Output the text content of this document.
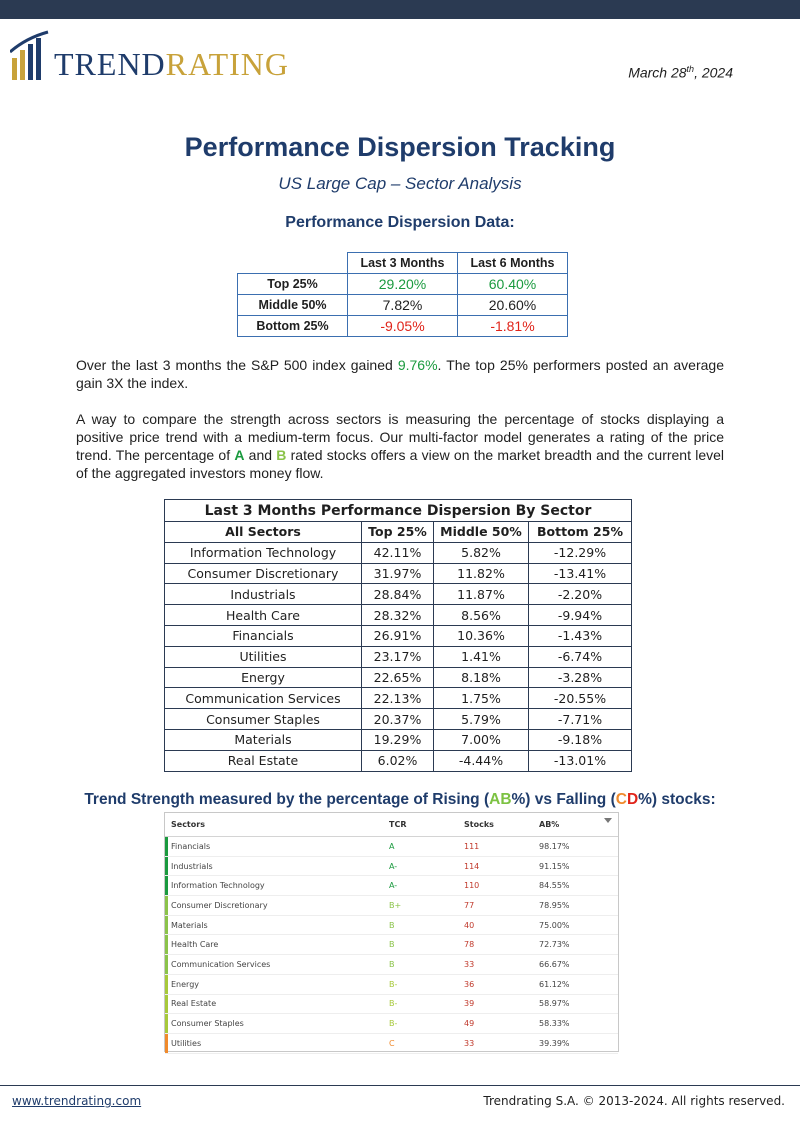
TRENDRATING	March 28th, 2024
Performance Dispersion Tracking
US Large Cap – Sector Analysis
Performance Dispersion Data:
	Last 3 Months	Last 6 Months
Top 25%	29.20%	60.40%
Middle 50%	7.82%	20.60%
Bottom 25%	-9.05%	-1.81%

Over the last 3 months the S&P 500 index gained 9.76%. The top 25% performers posted an average gain 3X the index.

A way to compare the strength across sectors is measuring the percentage of stocks displaying a positive price trend with a medium-term focus. Our multi-factor model generates a rating of the price trend. The percentage of A and B rated stocks offers a view on the market breadth and the current level of the aggregated investors money flow.

Last 3 Months Performance Dispersion By Sector			
All Sectors	Top 25%	Middle 50%	Bottom 25%
Information Technology	42.11%	5.82%	-12.29%
Consumer Discretionary	31.97%	11.82%	-13.41%
Industrials	28.84%	11.87%	-2.20%
Health Care	28.32%	8.56%	-9.94%
Financials	26.91%	10.36%	-1.43%
Utilities	23.17%	1.41%	-6.74%
Energy	22.65%	8.18%	-3.28%
Communication Services	22.13%	1.75%	-20.55%
Consumer Staples	20.37%	5.79%	-7.71%
Materials	19.29%	7.00%	-9.18%
Real Estate	6.02%	-4.44%	-13.01%
Trend Strength measured by the percentage of Rising (AB%) vs Falling (CD%) stocks:
Sectors	TCR	Stocks	AB%
Financials	A	111	98.17%
Industrials	A-	114	91.15%
Information Technology	A-	110	84.55%
Consumer Discretionary	B+	77	78.95%
Materials	B	40	75.00%
Health Care	B	78	72.73%
Communication Services	B	33	66.67%
Energy	B-	36	61.12%
Real Estate	B-	39	58.97%
Consumer Staples	B-	49	58.33%
Utilities	C	33	39.39%
www.trendrating.com	Trendrating S.A. © 2013-2024. All rights reserved.
